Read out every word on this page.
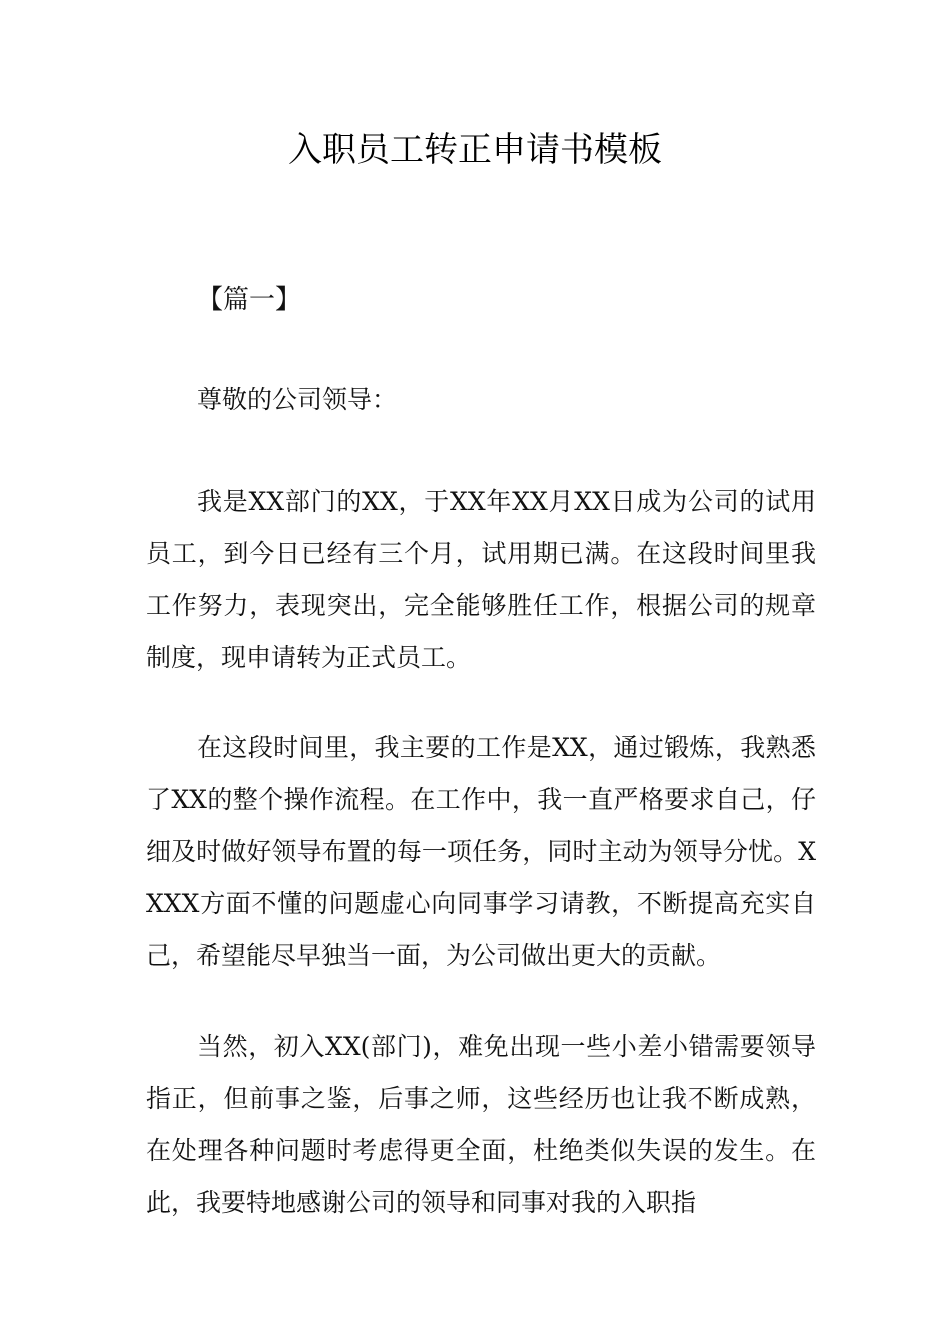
入职员工转正申请书模板

【篇一】

尊敬的公司领导：

我是XX部门的XX，于XX年XX月XX日成为公司的试用员工，到今日已经有三个月，试用期已满。在这段时间里我工作努力，表现突出，完全能够胜任工作，根据公司的规章制度，现申请转为正式员工。

在这段时间里，我主要的工作是XX，通过锻炼，我熟悉了XX的整个操作流程。在工作中，我一直严格要求自己，仔细及时做好领导布置的每一项任务，同时主动为领导分忧。XXXX方面不懂的问题虚心向同事学习请教，不断提高充实自己，希望能尽早独当一面，为公司做出更大的贡献。

当然，初入XX(部门)，难免出现一些小差小错需要领导指正，但前事之鉴，后事之师，这些经历也让我不断成熟，在处理各种问题时考虑得更全面，杜绝类似失误的发生。在此，我要特地感谢公司的领导和同事对我的入职指
